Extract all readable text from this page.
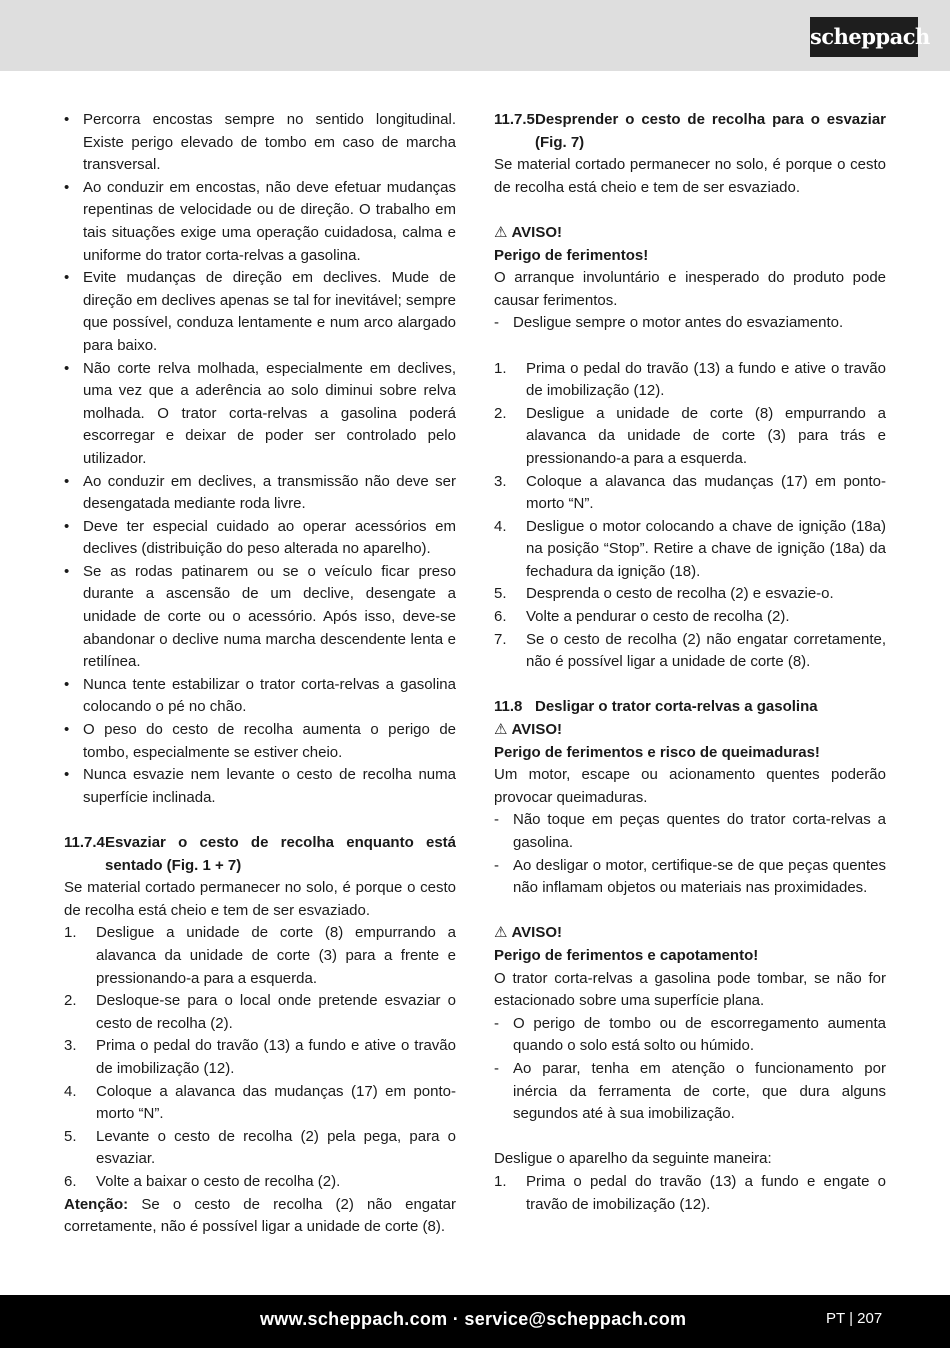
scheppach
• Percorra encostas sempre no sentido longitudinal. Existe perigo elevado de tombo em caso de marcha transversal.
• Ao conduzir em encostas, não deve efetuar mudanças repentinas de velocidade ou de direção. O trabalho em tais situações exige uma operação cuidadosa, calma e uniforme do trator corta-relvas a gasolina.
• Evite mudanças de direção em declives. Mude de direção em declives apenas se tal for inevitável; sempre que possível, conduza lentamente e num arco alargado para baixo.
• Não corte relva molhada, especialmente em declives, uma vez que a aderência ao solo diminui sobre relva molhada. O trator corta-relvas a gasolina poderá escorregar e deixar de poder ser controlado pelo utilizador.
• Ao conduzir em declives, a transmissão não deve ser desengatada mediante roda livre.
• Deve ter especial cuidado ao operar acessórios em declives (distribuição do peso alterada no aparelho).
• Se as rodas patinarem ou se o veículo ficar preso durante a ascensão de um declive, desengate a unidade de corte ou o acessório. Após isso, deve-se abandonar o declive numa marcha descendente lenta e retilínea.
• Nunca tente estabilizar o trator corta-relvas a gasolina colocando o pé no chão.
• O peso do cesto de recolha aumenta o perigo de tombo, especialmente se estiver cheio.
• Nunca esvazie nem levante o cesto de recolha numa superfície inclinada.
11.7.4 Esvaziar o cesto de recolha enquanto está sentado (Fig. 1 + 7)
Se material cortado permanecer no solo, é porque o cesto de recolha está cheio e tem de ser esvaziado.
1. Desligue a unidade de corte (8) empurrando a alavanca da unidade de corte (3) para a frente e pressionando-a para a esquerda.
2. Desloque-se para o local onde pretende esvaziar o cesto de recolha (2).
3. Prima o pedal do travão (13) a fundo e ative o travão de imobilização (12).
4. Coloque a alavanca das mudanças (17) em ponto-morto “N”.
5. Levante o cesto de recolha (2) pela pega, para o esvaziar.
6. Volte a baixar o cesto de recolha (2).
Atenção: Se o cesto de recolha (2) não engatar corretamente, não é possível ligar a unidade de corte (8).
11.7.5 Desprender o cesto de recolha para o esvaziar (Fig. 7)
Se material cortado permanecer no solo, é porque o cesto de recolha está cheio e tem de ser esvaziado.
⚠ AVISO!
Perigo de ferimentos!
O arranque involuntário e inesperado do produto pode causar ferimentos.
- Desligue sempre o motor antes do esvaziamento.
1. Prima o pedal do travão (13) a fundo e ative o travão de imobilização (12).
2. Desligue a unidade de corte (8) empurrando a alavanca da unidade de corte (3) para trás e pressionando-a para a esquerda.
3. Coloque a alavanca das mudanças (17) em ponto-morto “N”.
4. Desligue o motor colocando a chave de ignição (18a) na posição “Stop”. Retire a chave de ignição (18a) da fechadura da ignição (18).
5. Desprenda o cesto de recolha (2) e esvazie-o.
6. Volte a pendurar o cesto de recolha (2).
7. Se o cesto de recolha (2) não engatar corretamente, não é possível ligar a unidade de corte (8).
11.8 Desligar o trator corta-relvas a gasolina
⚠ AVISO!
Perigo de ferimentos e risco de queimaduras!
Um motor, escape ou acionamento quentes poderão provocar queimaduras.
- Não toque em peças quentes do trator corta-relvas a gasolina.
- Ao desligar o motor, certifique-se de que peças quentes não inflamam objetos ou materiais nas proximidades.
⚠ AVISO!
Perigo de ferimentos e capotamento!
O trator corta-relvas a gasolina pode tombar, se não for estacionado sobre uma superfície plana.
- O perigo de tombo ou de escorregamento aumenta quando o solo está solto ou húmido.
- Ao parar, tenha em atenção o funcionamento por inércia da ferramenta de corte, que dura alguns segundos até à sua imobilização.
Desligue o aparelho da seguinte maneira:
1. Prima o pedal do travão (13) a fundo e engate o travão de imobilização (12).
www.scheppach.com · service@scheppach.com	PT | 207
